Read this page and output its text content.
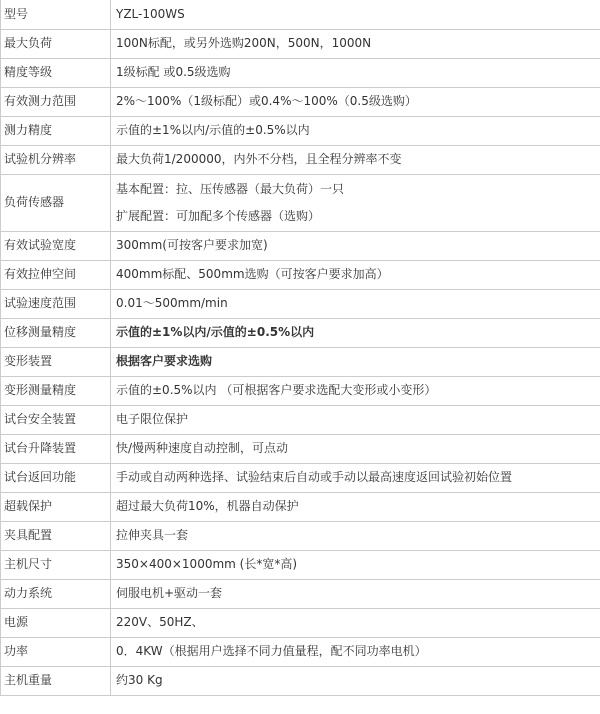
型号	YZL-100WS
最大负荷	100N标配，或另外选购200N，500N，1000N
精度等级	1级标配 或0.5级选购
有效测力范围	2%～100%（1级标配）或0.4%～100%（0.5级选购）
测力精度	示值的±1%以内/示值的±0.5%以内
试验机分辨率	最大负荷1/200000，内外不分档，且全程分辨率不变
负荷传感器	基本配置：拉、压传感器（最大负荷）一只
扩展配置：可加配多个传感器（选购）

有效试验宽度	300mm(可按客户要求加宽)
有效拉伸空间	400mm标配、500mm选购（可按客户要求加高）
试验速度范围	0.01～500mm/min
位移测量精度	示值的±1%以内/示值的±0.5%以内
变形装置	根据客户要求选购
变形测量精度	示值的±0.5%以内 （可根据客户要求选配大变形或小变形）
试台安全装置	电子限位保护
试台升降装置	快/慢两种速度自动控制，可点动
试台返回功能	手动或自动两种选择、试验结束后自动或手动以最高速度返回试验初始位置
超载保护	超过最大负荷10%，机器自动保护
夹具配置	拉伸夹具一套
主机尺寸	350×400×1000mm (长*宽*高)
动力系统	伺服电机+驱动一套
电源	220V、50HZ、
功率	0．4KW（根据用户选择不同力值量程，配不同功率电机）
主机重量	约30 Kg
